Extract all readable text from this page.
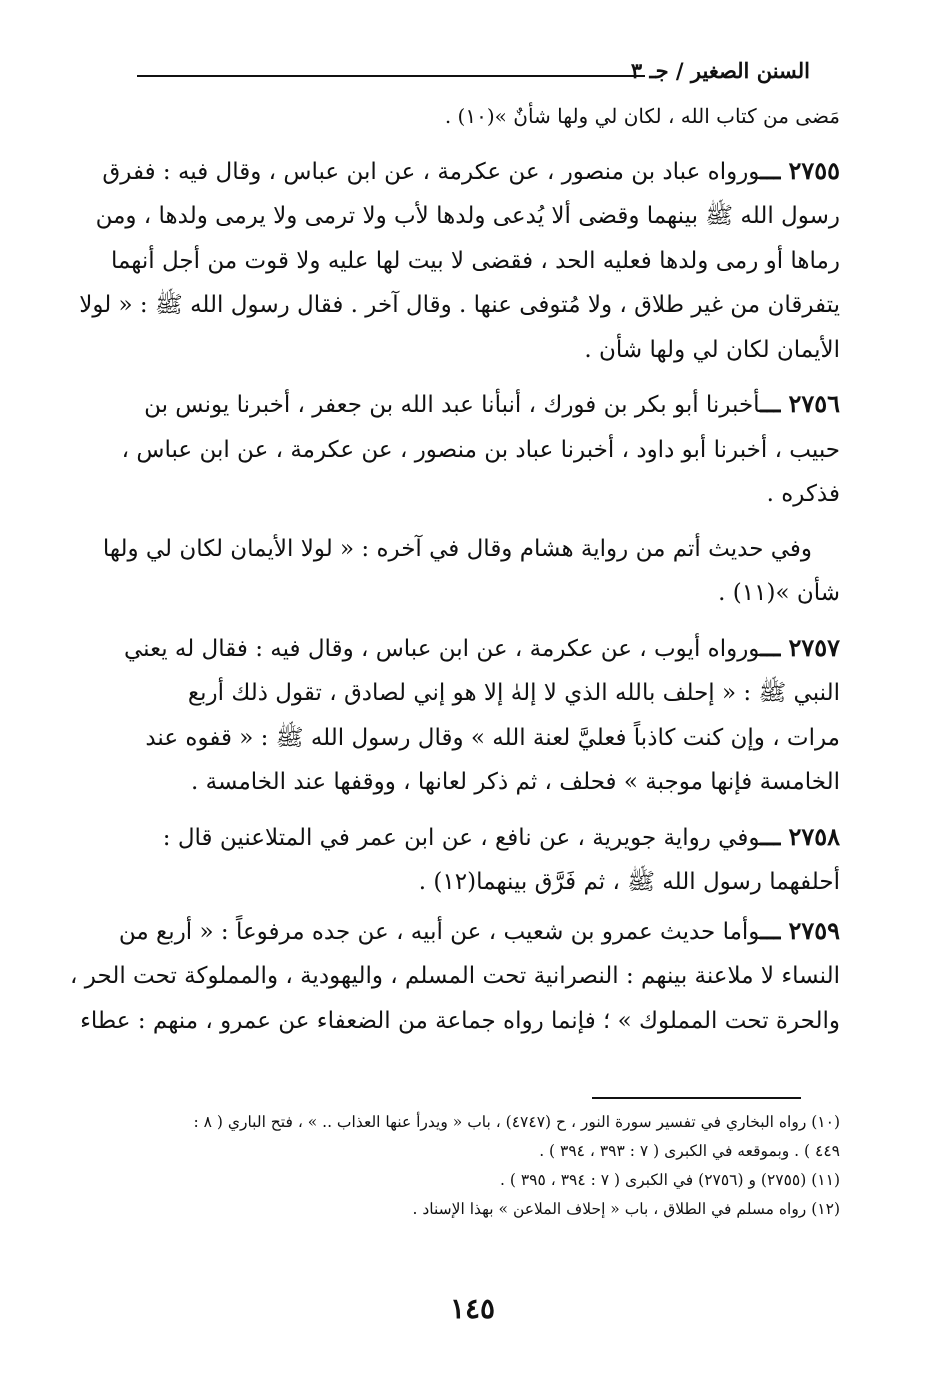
السنن الصغير / جـ ٣
مَضى من كتاب الله ، لكان لي ولها شأنٌ »(١٠) .
٢٧٥٥ ـــورواه عباد بن منصور ، عن عكرمة ، عن ابن عباس ، وقال فيه : ففرق
رسول الله ﷺ بينهما وقضى ألا يُدعى ولدها لأب ولا ترمى ولا يرمى ولدها ، ومن
رماها أو رمى ولدها فعليه الحد ، فقضى لا بيت لها عليه ولا قوت من أجل أنهما
يتفرقان من غير طلاق ، ولا مُتوفى عنها . وقال آخر . فقال رسول الله ﷺ : « لولا
الأيمان لكان لي ولها شأن .
٢٧٥٦ ـــأخبرنا أبو بكر بن فورك ، أنبأنا عبد الله بن جعفر ، أخبرنا يونس بن
حبيب ، أخبرنا أبو داود ، أخبرنا عباد بن منصور ، عن عكرمة ، عن ابن عباس ،
فذكره .
وفي حديث أتم من رواية هشام وقال في آخره : « لولا الأيمان لكان لي ولها
شأن »(١١) .
٢٧٥٧ ـــورواه أيوب ، عن عكرمة ، عن ابن عباس ، وقال فيه : فقال له يعني
النبي ﷺ : « إحلف بالله الذي لا إلهٰ إلا هو إني لصادق ، تقول ذلك أربع
مرات ، وإن كنت كاذباً فعليَّ لعنة الله » وقال رسول الله ﷺ : « قفوه عند
الخامسة فإنها موجبة » فحلف ، ثم ذكر لعانها ، ووقفها عند الخامسة .
٢٧٥٨ ـــوفي رواية جويرية ، عن نافع ، عن ابن عمر في المتلاعنين قال :
أحلفهما رسول الله ﷺ ، ثم فَرَّق بينهما(١٢) .
٢٧٥٩ ـــوأما حديث عمرو بن شعيب ، عن أبيه ، عن جده مرفوعاً : « أربع من
النساء لا ملاعنة بينهم : النصرانية تحت المسلم ، واليهودية ، والمملوكة تحت الحر ،
والحرة تحت المملوك » ؛ فإنما رواه جماعة من الضعفاء عن عمرو ، منهم : عطاء
(١٠) رواه البخاري في تفسير سورة النور ، ح (٤٧٤٧) ، باب « ويدرأ عنها العذاب .. » ، فتح الباري ( ٨ :
٤٤٩ ) . وبموقعه في الكبرى ( ٧ : ٣٩٣ ، ٣٩٤ ) .
(١١) (٢٧٥٥) و (٢٧٥٦) في الكبرى ( ٧ : ٣٩٤ ، ٣٩٥ ) .
(١٢) رواه مسلم في الطلاق ، باب « إحلاف الملاعن » بهذا الإسناد .
١٤٥
